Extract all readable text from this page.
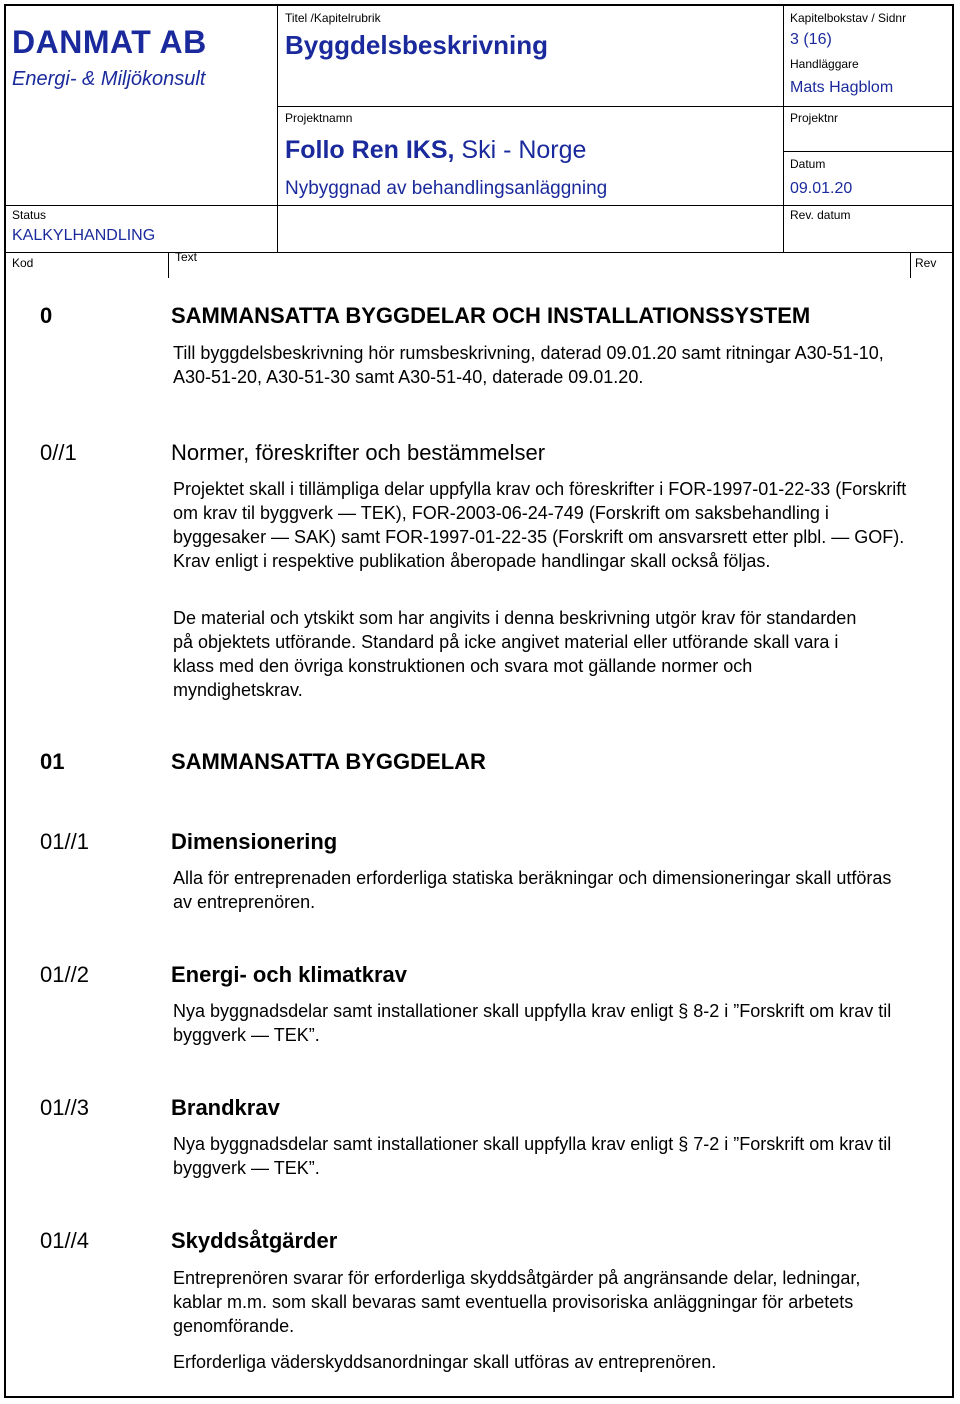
DANMAT AB
Energi- & Miljökonsult
Titel /Kapitelrubrik
Byggdelsbeskrivning
Projektnamn
Follo Ren IKS, Ski - Norge
Nybyggnad av behandlingsanläggning
Kapitelbokstav / Sidnr
3 (16)
Handläggare
Mats Hagblom
Projektnr
Datum
09.01.20
Rev. datum
Status
KALKYLHANDLING
Kod	Text	Rev
0	SAMMANSATTA BYGGDELAR OCH INSTALLATIONSSYSTEM
Till byggdelsbeskrivning hör rumsbeskrivning, daterad 09.01.20 samt ritningar A30-51-10, A30-51-20, A30-51-30 samt A30-51-40, daterade 09.01.20.
0//1	Normer, föreskrifter och bestämmelser
Projektet skall i tillämpliga delar uppfylla krav och föreskrifter i FOR-1997-01-22-33 (Forskrift om krav til byggverk — TEK), FOR-2003-06-24-749 (Forskrift om saksbehandling i byggesaker — SAK) samt FOR-1997-01-22-35 (Forskrift om ansvarsrett etter plbl. — GOF). Krav enligt i respektive publikation åberopade handlingar skall också följas.
De material och ytskikt som har angivits i denna beskrivning utgör krav för standarden på objektets utförande. Standard på icke angivet material eller utförande skall vara i klass med den övriga konstruktionen och svara mot gällande normer och myndighetskrav.
01	SAMMANSATTA BYGGDELAR
01//1	Dimensionering
Alla för entreprenaden erforderliga statiska beräkningar och dimensioneringar skall utföras av entreprenören.
01//2	Energi- och klimatkrav
Nya byggnadsdelar samt installationer skall uppfylla krav enligt § 8-2 i ”Forskrift om krav til byggverk — TEK”.
01//3	Brandkrav
Nya byggnadsdelar samt installationer skall uppfylla krav enligt § 7-2 i ”Forskrift om krav til byggverk — TEK”.
01//4	Skyddsåtgärder
Entreprenören svarar för erforderliga skyddsåtgärder på angränsande delar, ledningar, kablar m.m. som skall bevaras samt eventuella provisoriska anläggningar för arbetets genomförande.
Erforderliga väderskyddsanordningar skall utföras av entreprenören.
